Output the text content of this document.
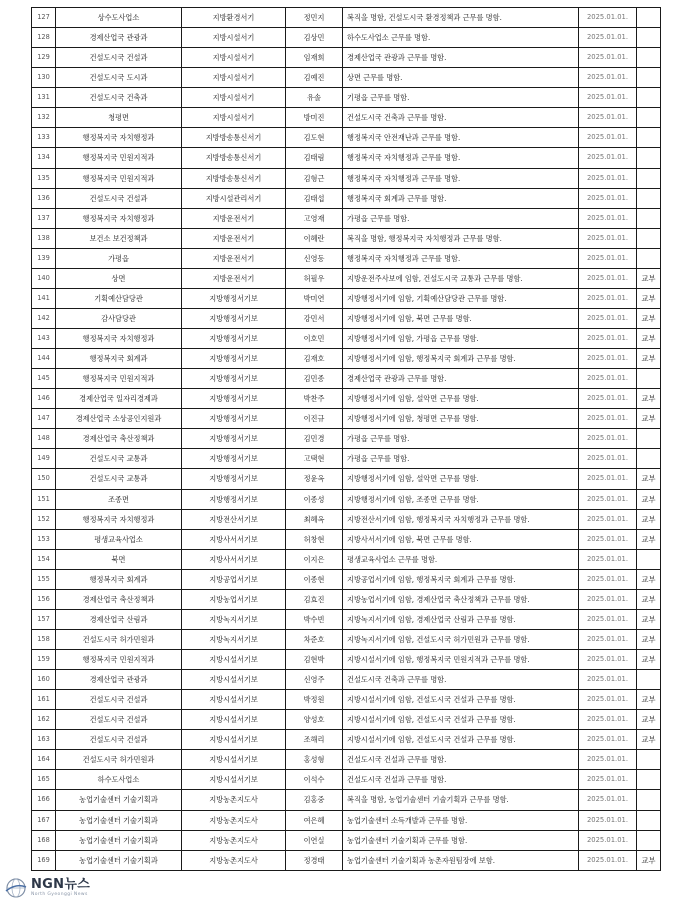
127	상수도사업소	지방환경서기	정민지	복직을 명함, 건설도시국 환경정책과 근무를 명함.	2025.01.01.	
128	경제산업국 관광과	지방시설서기	김상민	하수도사업소 근무를 명함.	2025.01.01.	
129	건설도시국 건설과	지방시설서기	임재희	경제산업국 관광과 근무를 명함.	2025.01.01.	
130	건설도시국 도시과	지방시설서기	김예진	상면 근무를 명함.	2025.01.01.	
131	건설도시국 건축과	지방시설서기	유솔	기평읍 근무를 명함.	2025.01.01.	
132	청평면	지방시설서기	방미진	건설도시국 건축과 근무를 명함.	2025.01.01.	
133	행정복지국 자치행정과	지방방송통신서기	김도현	행정복지국 안전재난과 근무를 명함.	2025.01.01.	
134	행정복지국 민원지적과	지방방송통신서기	김태림	행정복지국 자치행정과 근무를 명함.	2025.01.01.	
135	행정복지국 민원지적과	지방방송통신서기	김형근	행정복지국 자치행정과 근무를 명함.	2025.01.01.	
136	건설도시국 건설과	지방시설관리서기	김태섭	행정복지국 회계과 근무를 명함.	2025.01.01.	
137	행정복지국 자치행정과	지방운전서기	고영재	가평읍 근무를 명함.	2025.01.01.	
138	보건소 보건정책과	지방운전서기	이혜란	복직을 명함, 행정복지국 자치행정과 근무를 명함.	2025.01.01.	
139	가평읍	지방운전서기	신영동	행정복지국 자치행정과 근무를 명함.	2025.01.01.	
140	상면	지방운전서기	허필우	지방운전주사보에 임함, 건설도시국 교통과 근무를 명함.	2025.01.01.	교부
141	기획예산담당관	지방행정서기보	박미연	지방행정서기에 임함, 기획예산담당관 근무를 명함.	2025.01.01.	교부
142	감사담당관	지방행정서기보	강민서	지방행정서기에 임함, 북면 근무를 명함.	2025.01.01.	교부
143	행정복지국 자치행정과	지방행정서기보	이호민	지방행정서기에 임함, 가평읍 근무를 명함.	2025.01.01.	교부
144	행정복지국 회계과	지방행정서기보	김재호	지방행정서기에 임함, 행정복지국 회계과 근무를 명함.	2025.01.01.	교부
145	행정복지국 민원지적과	지방행정서기보	김민종	경제산업국 관광과 근무를 명함.	2025.01.01.	
146	경제산업국 일자리경제과	지방행정서기보	박찬주	지방행정서기에 임함, 설악면 근무를 명함.	2025.01.01.	교부
147	경제산업국 소상공인지원과	지방행정서기보	이진규	지방행정서기에 임함, 청평면 근무를 명함.	2025.01.01.	교부
148	경제산업국 축산정책과	지방행정서기보	김민경	가평읍 근무를 명함.	2025.01.01.	
149	건설도시국 교통과	지방행정서기보	고택현	가평읍 근무를 명함.	2025.01.01.	
150	건설도시국 교통과	지방행정서기보	정윤옥	지방행정서기에 임함, 설악면 근무를 명함.	2025.01.01.	교부
151	조종면	지방행정서기보	이종성	지방행정서기에 임함, 조종면 근무를 명함.	2025.01.01.	교부
152	행정복지국 자치행정과	지방전산서기보	최혜옥	지방전산서기에 임함, 행정복지국 자치행정과 근무를 명함.	2025.01.01.	교부
153	평생교육사업소	지방사서서기보	허창현	지방사서서기에 임함, 북면 근무를 명함.	2025.01.01.	교부
154	북면	지방사서서기보	이지은	평생교육사업소 근무를 명함.	2025.01.01.	
155	행정복지국 회계과	지방공업서기보	이종현	지방공업서기에 임함, 행정복지국 회계과 근무를 명함.	2025.01.01.	교부
156	경제산업국 축산정책과	지방농업서기보	김효진	지방농업서기에 임함, 경제산업국 축산정책과 근무를 명함.	2025.01.01.	교부
157	경제산업국 산림과	지방녹지서기보	박수빈	지방녹지서기에 임함, 경제산업국 산림과 근무를 명함.	2025.01.01.	교부
158	건설도시국 허가민원과	지방녹지서기보	차준호	지방녹지서기에 임함, 건설도시국 허가민원과 근무를 명함.	2025.01.01.	교부
159	행정복지국 민원지적과	지방시설서기보	김현박	지방시설서기에 임함, 행정복지국 민원지적과 근무를 명함.	2025.01.01.	교부
160	경제산업국 관광과	지방시설서기보	신영주	건설도시국 건축과 근무를 명함.	2025.01.01.	
161	건설도시국 건설과	지방시설서기보	박정원	지방시설서기에 임함, 건설도시국 건설과 근무를 명함.	2025.01.01.	교부
162	건설도시국 건설과	지방시설서기보	양성호	지방시설서기에 임함, 건설도시국 건설과 근무를 명함.	2025.01.01.	교부
163	건설도시국 건설과	지방시설서기보	조해리	지방시설서기에 임함, 건설도시국 건설과 근무를 명함.	2025.01.01.	교부
164	건설도시국 허가민원과	지방시설서기보	홍성형	건설도시국 건설과 근무를 명함.	2025.01.01.	
165	하수도사업소	지방시설서기보	이석수	건설도시국 건설과 근무를 명함.	2025.01.01.	
166	농업기술센터 기술기획과	지방농촌지도사	김홍중	복직을 명함, 농업기술센터 기술기획과 근무를 명함.	2025.01.01.	
167	농업기술센터 기술기획과	지방농촌지도사	여은혜	농업기술센터 소득개발과 근무를 명함.	2025.01.01.	
168	농업기술센터 기술기획과	지방농촌지도사	이연실	농업기술센터 기술기획과 근무를 명함.	2025.01.01.	
169	농업기술센터 기술기획과	지방농촌지도사	정경태	농업기술센터 기술기획과 농촌자원팀장에 보함.	2025.01.01.	교부
NGN뉴스
North Gyeonggi News
